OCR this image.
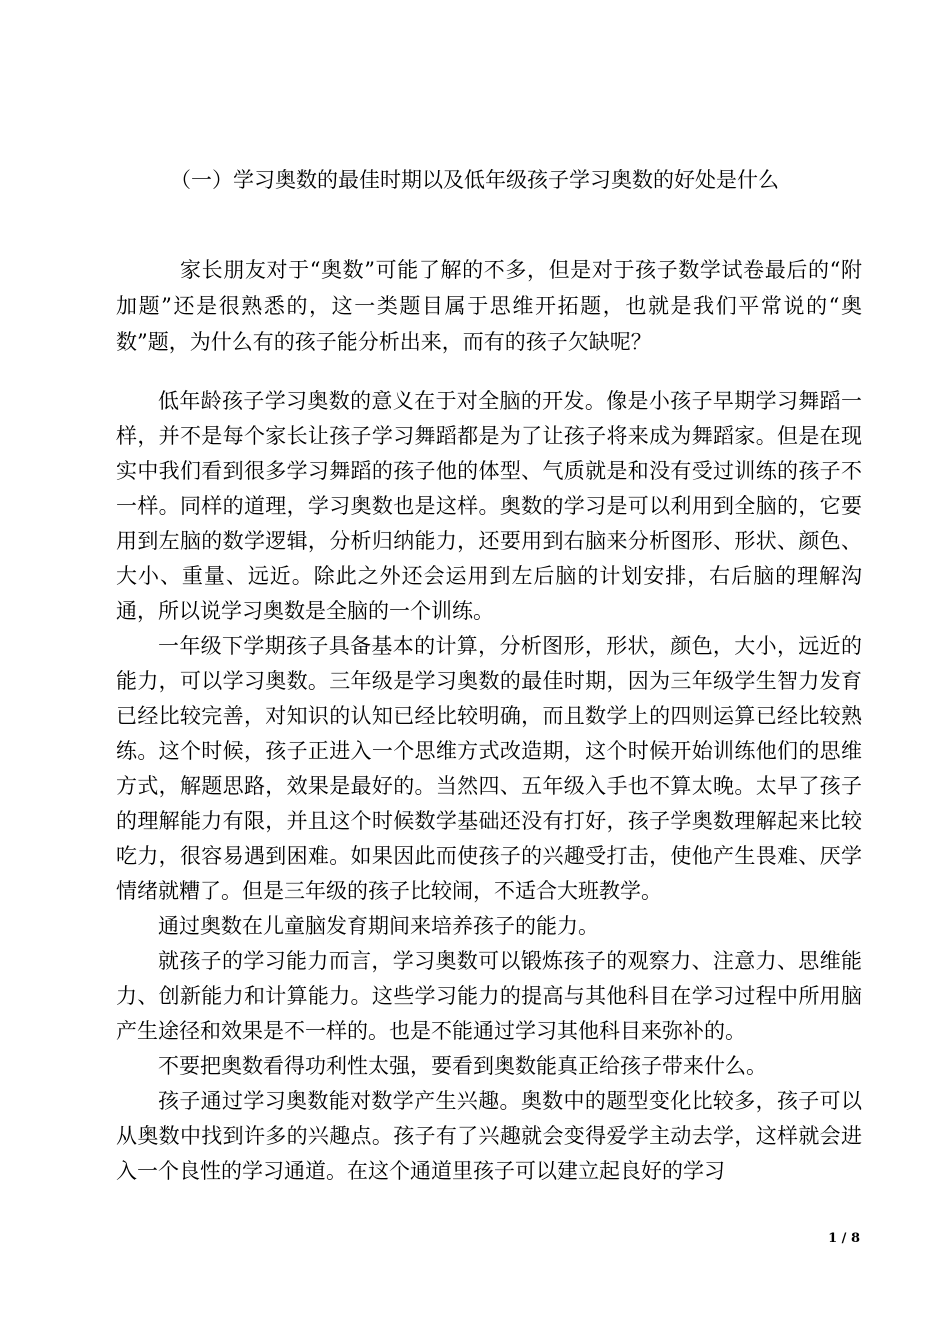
（一）学习奥数的最佳时期以及低年级孩子学习奥数的好处是什么

家长朋友对于“奥数”可能了解的不多，但是对于孩子数学试卷最后的“附加题”还是很熟悉的，这一类题目属于思维开拓题，也就是我们平常说的“奥数”题，为什么有的孩子能分析出来，而有的孩子欠缺呢？

低年龄孩子学习奥数的意义在于对全脑的开发。像是小孩子早期学习舞蹈一样，并不是每个家长让孩子学习舞蹈都是为了让孩子将来成为舞蹈家。但是在现实中我们看到很多学习舞蹈的孩子他的体型、气质就是和没有受过训练的孩子不一样。同样的道理，学习奥数也是这样。奥数的学习是可以利用到全脑的，它要用到左脑的数学逻辑，分析归纳能力，还要用到右脑来分析图形、形状、颜色、大小、重量、远近。除此之外还会运用到左后脑的计划安排，右后脑的理解沟通，所以说学习奥数是全脑的一个训练。

一年级下学期孩子具备基本的计算，分析图形，形状，颜色，大小，远近的能力，可以学习奥数。三年级是学习奥数的最佳时期，因为三年级学生智力发育已经比较完善，对知识的认知已经比较明确，而且数学上的四则运算已经比较熟练。这个时候，孩子正进入一个思维方式改造期，这个时候开始训练他们的思维方式，解题思路，效果是最好的。当然四、五年级入手也不算太晚。太早了孩子的理解能力有限，并且这个时候数学基础还没有打好，孩子学奥数理解起来比较吃力，很容易遇到困难。如果因此而使孩子的兴趣受打击，使他产生畏难、厌学情绪就糟了。但是三年级的孩子比较闹，不适合大班教学。

通过奥数在儿童脑发育期间来培养孩子的能力。

就孩子的学习能力而言，学习奥数可以锻炼孩子的观察力、注意力、思维能力、创新能力和计算能力。这些学习能力的提高与其他科目在学习过程中所用脑产生途径和效果是不一样的。也是不能通过学习其他科目来弥补的。

不要把奥数看得功利性太强，要看到奥数能真正给孩子带来什么。

孩子通过学习奥数能对数学产生兴趣。奥数中的题型变化比较多，孩子可以从奥数中找到许多的兴趣点。孩子有了兴趣就会变得爱学主动去学，这样就会进入一个良性的学习通道。在这个通道里孩子可以建立起良好的学习

1 / 8
